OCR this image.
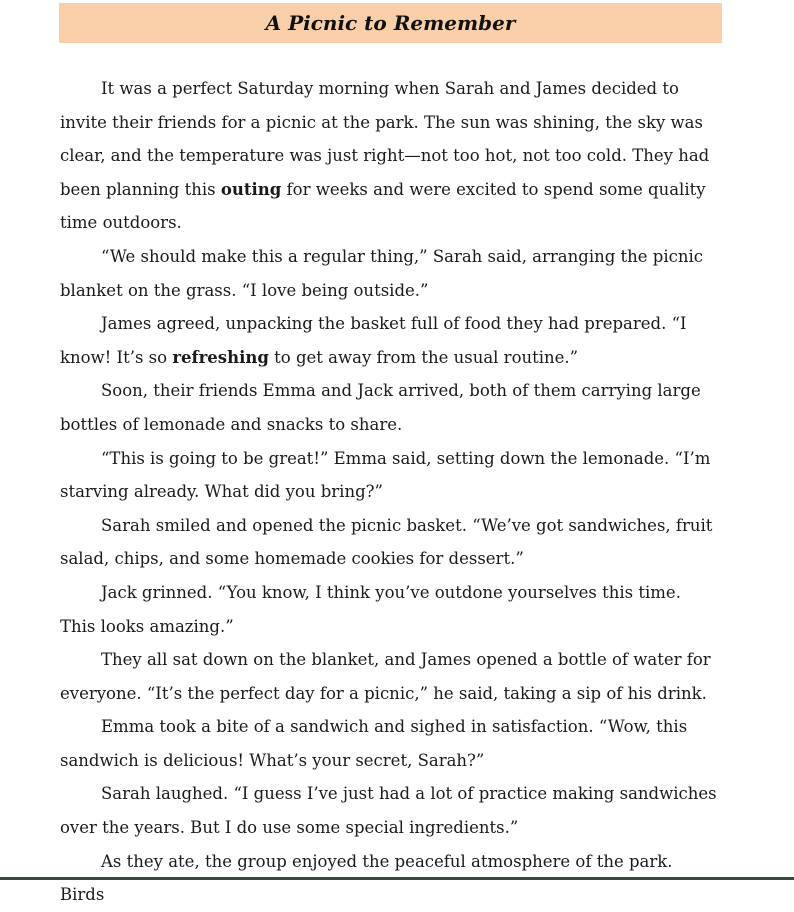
A Picnic to Remember

It was a perfect Saturday morning when Sarah and James decided to invite their friends for a picnic at the park. The sun was shining, the sky was clear, and the temperature was just right—not too hot, not too cold. They had been planning this outing for weeks and were excited to spend some quality time outdoors.

“We should make this a regular thing,” Sarah said, arranging the picnic blanket on the grass. “I love being outside.”

James agreed, unpacking the basket full of food they had prepared. “I know! It’s so refreshing to get away from the usual routine.”

Soon, their friends Emma and Jack arrived, both of them carrying large bottles of lemonade and snacks to share.

“This is going to be great!” Emma said, setting down the lemonade. “I’m starving already. What did you bring?”

Sarah smiled and opened the picnic basket. “We’ve got sandwiches, fruit salad, chips, and some homemade cookies for dessert.”

Jack grinned. “You know, I think you’ve outdone yourselves this time. This looks amazing.”

They all sat down on the blanket, and James opened a bottle of water for everyone. “It’s the perfect day for a picnic,” he said, taking a sip of his drink.

Emma took a bite of a sandwich and sighed in satisfaction. “Wow, this sandwich is delicious! What’s your secret, Sarah?”

Sarah laughed. “I guess I’ve just had a lot of practice making sandwiches over the years. But I do use some special ingredients.”

As they ate, the group enjoyed the peaceful atmosphere of the park. Birds
